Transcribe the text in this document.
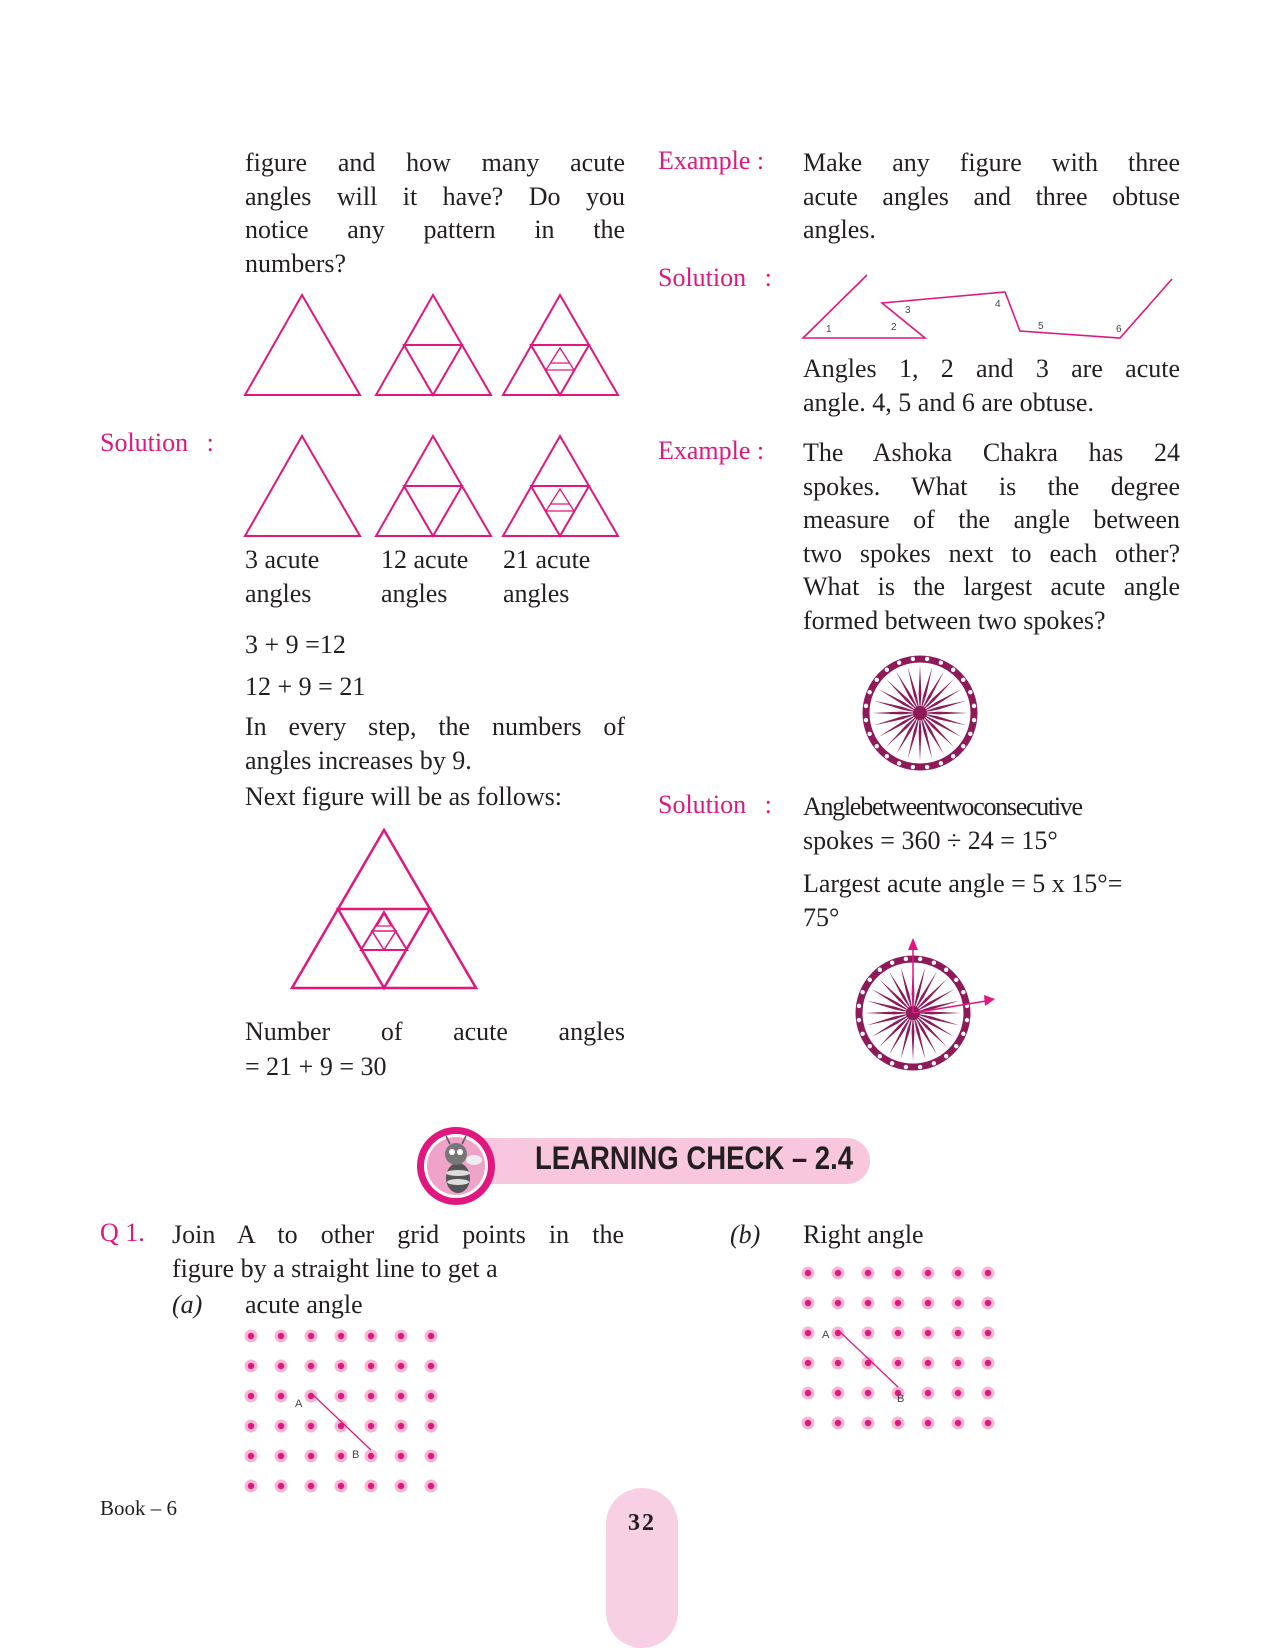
figure and how many acute
angles will it have? Do you
notice any pattern in the
numbers?
Solution :
3 acute
angles
12 acute
angles
21 acute
angles
3 + 9 =12
12 + 9 = 21
In every step, the numbers of
angles increases by 9.
Next figure will be as follows:
Number of acute angles
= 21 + 9 = 30
Example : Make any figure with three
acute angles and three obtuse
angles.
Solution :
1	2
3
4
5	6
Angles 1, 2 and 3 are acute
angle. 4, 5 and 6 are obtuse.
Example : The Ashoka Chakra has 24
spokes. What is the degree
measure of the angle between
two spokes next to each other?
What is the largest acute angle
formed between two spokes?
Solution : Angle between two consecutive
spokes = 360 ÷ 24 = 15°
Largest acute angle = 5 x 15°=
75°
LEARNING CHECK – 2.4
Q 1. Join A to other grid points in the
figure by a straight line to get a
(a) acute angle
(b) Right angle
A
B
A
B
Book – 6
32
